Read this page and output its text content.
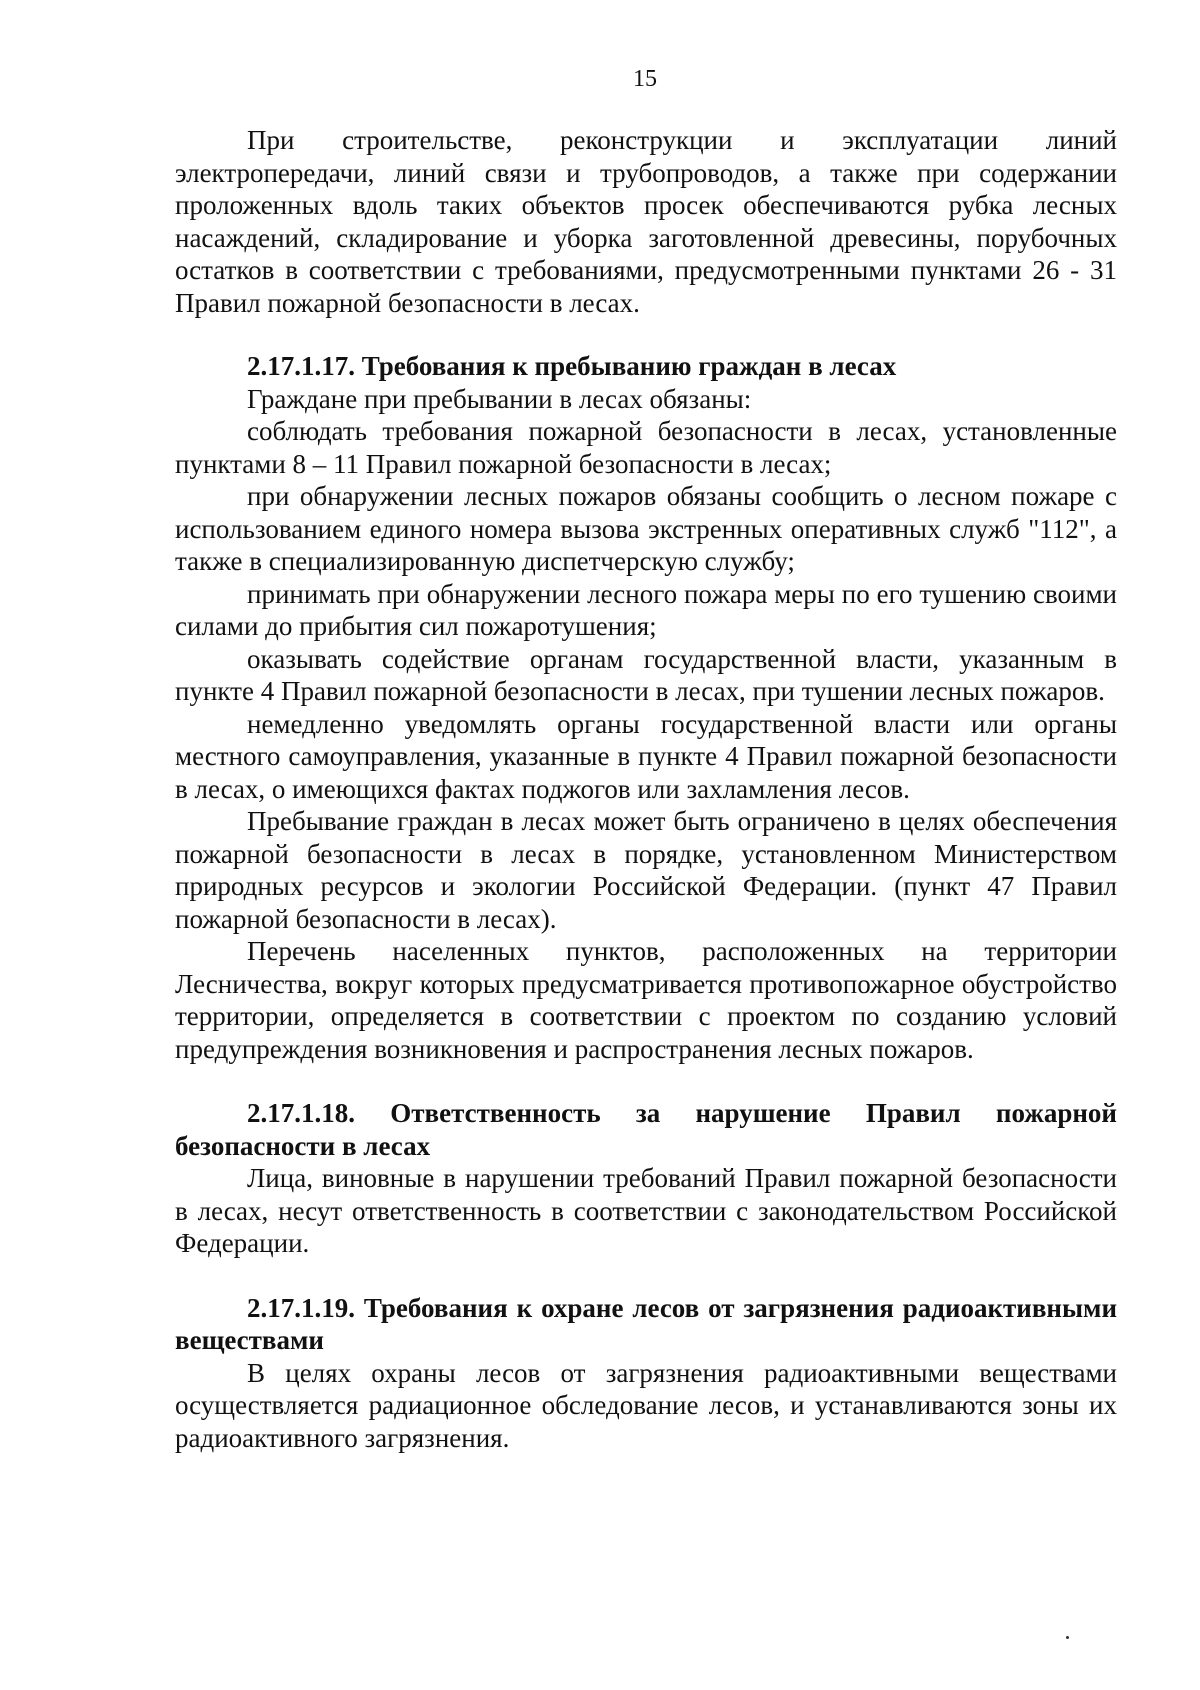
15

При строительстве, реконструкции и эксплуатации линий электропередачи, линий связи и трубопроводов, а также при содержании проложенных вдоль таких объектов просек обеспечиваются рубка лесных насаждений, складирование и уборка заготовленной древесины, порубочных остатков в соответствии с требованиями, предусмотренными пунктами 26 - 31 Правил пожарной безопасности в лесах.

2.17.1.17. Требования к пребыванию граждан в лесах

Граждане при пребывании в лесах обязаны:

соблюдать требования пожарной безопасности в лесах, установленные пунктами 8 – 11 Правил пожарной безопасности в лесах;

при обнаружении лесных пожаров обязаны сообщить о лесном пожаре с использованием единого номера вызова экстренных оперативных служб "112", а также в специализированную диспетчерскую службу;

принимать при обнаружении лесного пожара меры по его тушению своими силами до прибытия сил пожаротушения;

оказывать содействие органам государственной власти, указанным в пункте 4 Правил пожарной безопасности в лесах, при тушении лесных пожаров.

немедленно уведомлять органы государственной власти или органы местного самоуправления, указанные в пункте 4 Правил пожарной безопасности в лесах, о имеющихся фактах поджогов или захламления лесов.

Пребывание граждан в лесах может быть ограничено в целях обеспечения пожарной безопасности в лесах в порядке, установленном Министерством природных ресурсов и экологии Российской Федерации. (пункт 47 Правил пожарной безопасности в лесах).

Перечень населенных пунктов, расположенных на территории Лесничества, вокруг которых предусматривается противопожарное обустройство территории, определяется в соответствии с проектом по созданию условий предупреждения возникновения и распространения лесных пожаров.

2.17.1.18. Ответственность за нарушение Правил пожарной безопасности в лесах

Лица, виновные в нарушении требований Правил пожарной безопасности в лесах, несут ответственность в соответствии с законодательством Российской Федерации.

2.17.1.19. Требования к охране лесов от загрязнения радиоактивными веществами

В целях охраны лесов от загрязнения радиоактивными веществами осуществляется радиационное обследование лесов, и устанавливаются зоны их радиоактивного загрязнения.
